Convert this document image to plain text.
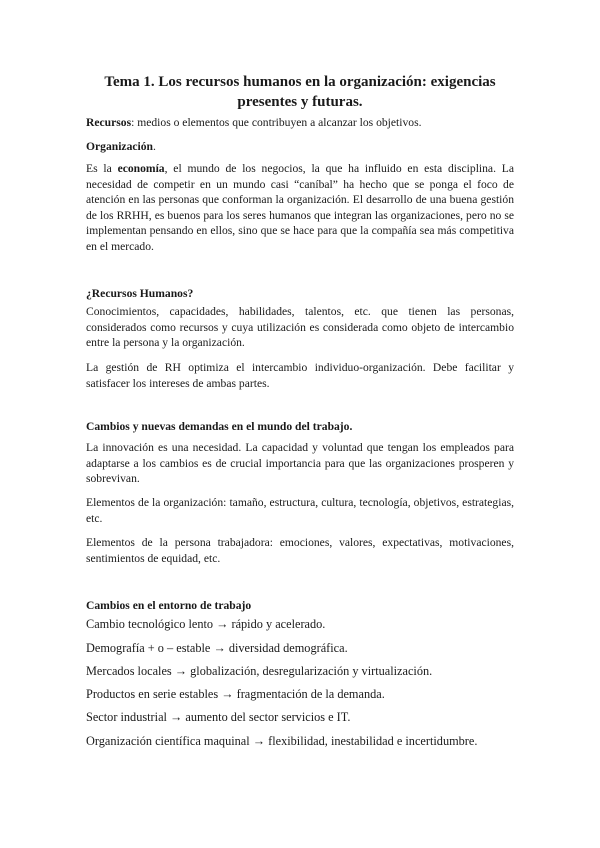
Tema 1. Los recursos humanos en la organización: exigencias
presentes y futuras.

Recursos: medios o elementos que contribuyen a alcanzar los objetivos.

Organización.

Es la economía, el mundo de los negocios, la que ha influido en esta disciplina. La necesidad de competir en un mundo casi “caníbal” ha hecho que se ponga el foco de atención en las personas que conforman la organización. El desarrollo de una buena gestión de los RRHH, es buenos para los seres humanos que integran las organizaciones, pero no se implementan pensando en ellos, sino que se hace para que la compañía sea más competitiva en el mercado.

¿Recursos Humanos?

Conocimientos, capacidades, habilidades, talentos, etc. que tienen las personas, considerados como recursos y cuya utilización es considerada como objeto de intercambio entre la persona y la organización.

La gestión de RH optimiza el intercambio individuo-organización. Debe facilitar y satisfacer los intereses de ambas partes.

Cambios y nuevas demandas en el mundo del trabajo.

La innovación es una necesidad. La capacidad y voluntad que tengan los empleados para adaptarse a los cambios es de crucial importancia para que las organizaciones prosperen y sobrevivan.

Elementos de la organización: tamaño, estructura, cultura, tecnología, objetivos, estrategias, etc.

Elementos de la persona trabajadora: emociones, valores, expectativas, motivaciones, sentimientos de equidad, etc.

Cambios en el entorno de trabajo

Cambio tecnológico lento → rápido y acelerado.

Demografía + o – estable → diversidad demográfica.

Mercados locales → globalización, desregularización y virtualización.

Productos en serie estables → fragmentación de la demanda.

Sector industrial → aumento del sector servicios e IT.

Organización científica maquinal → flexibilidad, inestabilidad e incertidumbre.
